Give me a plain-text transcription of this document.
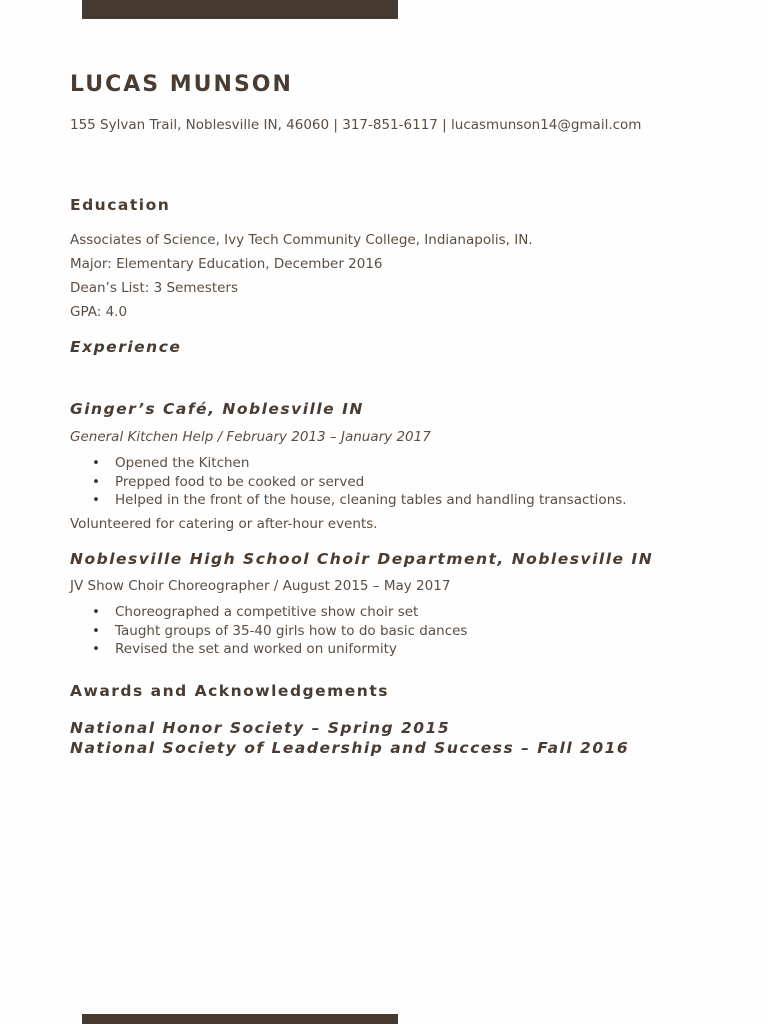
LUCAS MUNSON
155 Sylvan Trail, Noblesville IN, 46060 | 317-851-6117 | lucasmunson14@gmail.com
Education
Associates of Science, Ivy Tech Community College, Indianapolis, IN.
Major: Elementary Education, December 2016
Dean’s List: 3 Semesters
GPA: 4.0
Experience
Ginger’s Café, Noblesville IN
General Kitchen Help / February 2013 – January 2017
• Opened the Kitchen
• Prepped food to be cooked or served
• Helped in the front of the house, cleaning tables and handling transactions.
Volunteered for catering or after-hour events.
Noblesville High School Choir Department, Noblesville IN
JV Show Choir Choreographer / August 2015 – May 2017
• Choreographed a competitive show choir set
• Taught groups of 35-40 girls how to do basic dances
• Revised the set and worked on uniformity
Awards and Acknowledgements
National Honor Society – Spring 2015
National Society of Leadership and Success – Fall 2016
